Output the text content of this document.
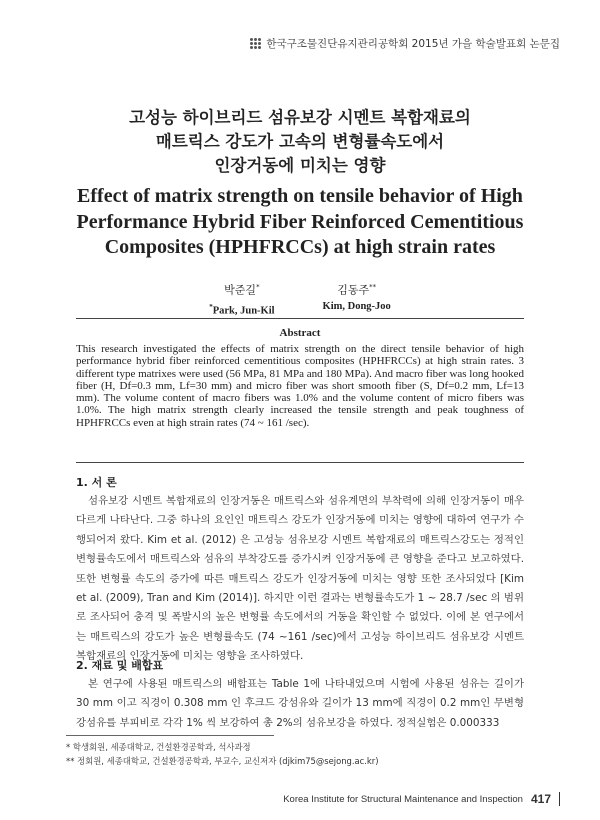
한국구조물진단유지관리공학회 2015년 가을 학술발표회 논문집
고성능 하이브리드 섬유보강 시멘트 복합재료의
매트릭스 강도가 고속의 변형률속도에서
인장거동에 미치는 영향
Effect of matrix strength on tensile behavior of High
Performance Hybrid Fiber Reinforced Cementitious
Composites (HPHFRCCs) at high strain rates
박준길*
*Park, Jun-Kil
김동주**
Kim, Dong-Joo
Abstract
This research investigated the effects of matrix strength on the direct tensile behavior of high performance hybrid fiber reinforced cementitious composites (HPHFRCCs) at high strain rates. 3 different type matrixes were used (56 MPa, 81 MPa and 180 MPa). And macro fiber was long hooked fiber (H, Df=0.3 mm, Lf=30 mm) and micro fiber was short smooth fiber (S, Df=0.2 mm, Lf=13 mm). The volume content of macro fibers was 1.0% and the volume content of micro fibers was 1.0%. The high matrix strength clearly increased the tensile strength and peak toughness of HPHFRCCs even at high strain rates (74 ~ 161 /sec).
1. 서 론
섬유보강 시멘트 복합재료의 인장거동은 매트릭스와 섬유계면의 부착력에 의해 인장거동이 매우 다르게 나타난다. 그중 하나의 요인인 매트릭스 강도가 인장거동에 미치는 영향에 대하여 연구가 수행되어져 왔다. Kim et al. (2012) 은 고성능 섬유보강 시멘트 복합재료의 매트릭스강도는 정적인 변형률속도에서 매트릭스와 섬유의 부착강도를 증가시켜 인장거동에 큰 영향을 준다고 보고하였다. 또한 변형률 속도의 증가에 따른 매트릭스 강도가 인장거동에 미치는 영향 또한 조사되었다 [Kim et al. (2009), Tran and Kim (2014)]. 하지만 이런 결과는 변형률속도가 1 ~ 28.7 /sec 의 범위로 조사되어 충격 및 폭발시의 높은 변형률 속도에서의 거동을 확인할 수 없었다. 이에 본 연구에서는 매트릭스의 강도가 높은 변형률속도 (74 ~161 /sec)에서 고성능 하이브리드 섬유보강 시멘트 복합재료의 인장거동에 미치는 영향을 조사하였다.
2. 재료 및 배합표
본 연구에 사용된 매트릭스의 배합표는 Table 1에 나타내었으며 시험에 사용된 섬유는 길이가 30 mm 이고 직경이 0.308 mm 인 후크드 강섬유와 길이가 13 mm에 직경이 0.2 mm인 무변형 강섬유를 부피비로 각각 1% 씩 보강하여 총 2%의 섬유보강을 하였다. 정적실험은 0.000333
* 학생회원, 세종대학교, 건설환경공학과, 석사과정
** 정회원, 세종대학교, 건설환경공학과, 부교수, 교신저자 (djkim75@sejong.ac.kr)
Korea Institute for Structural Maintenance and Inspection 417
